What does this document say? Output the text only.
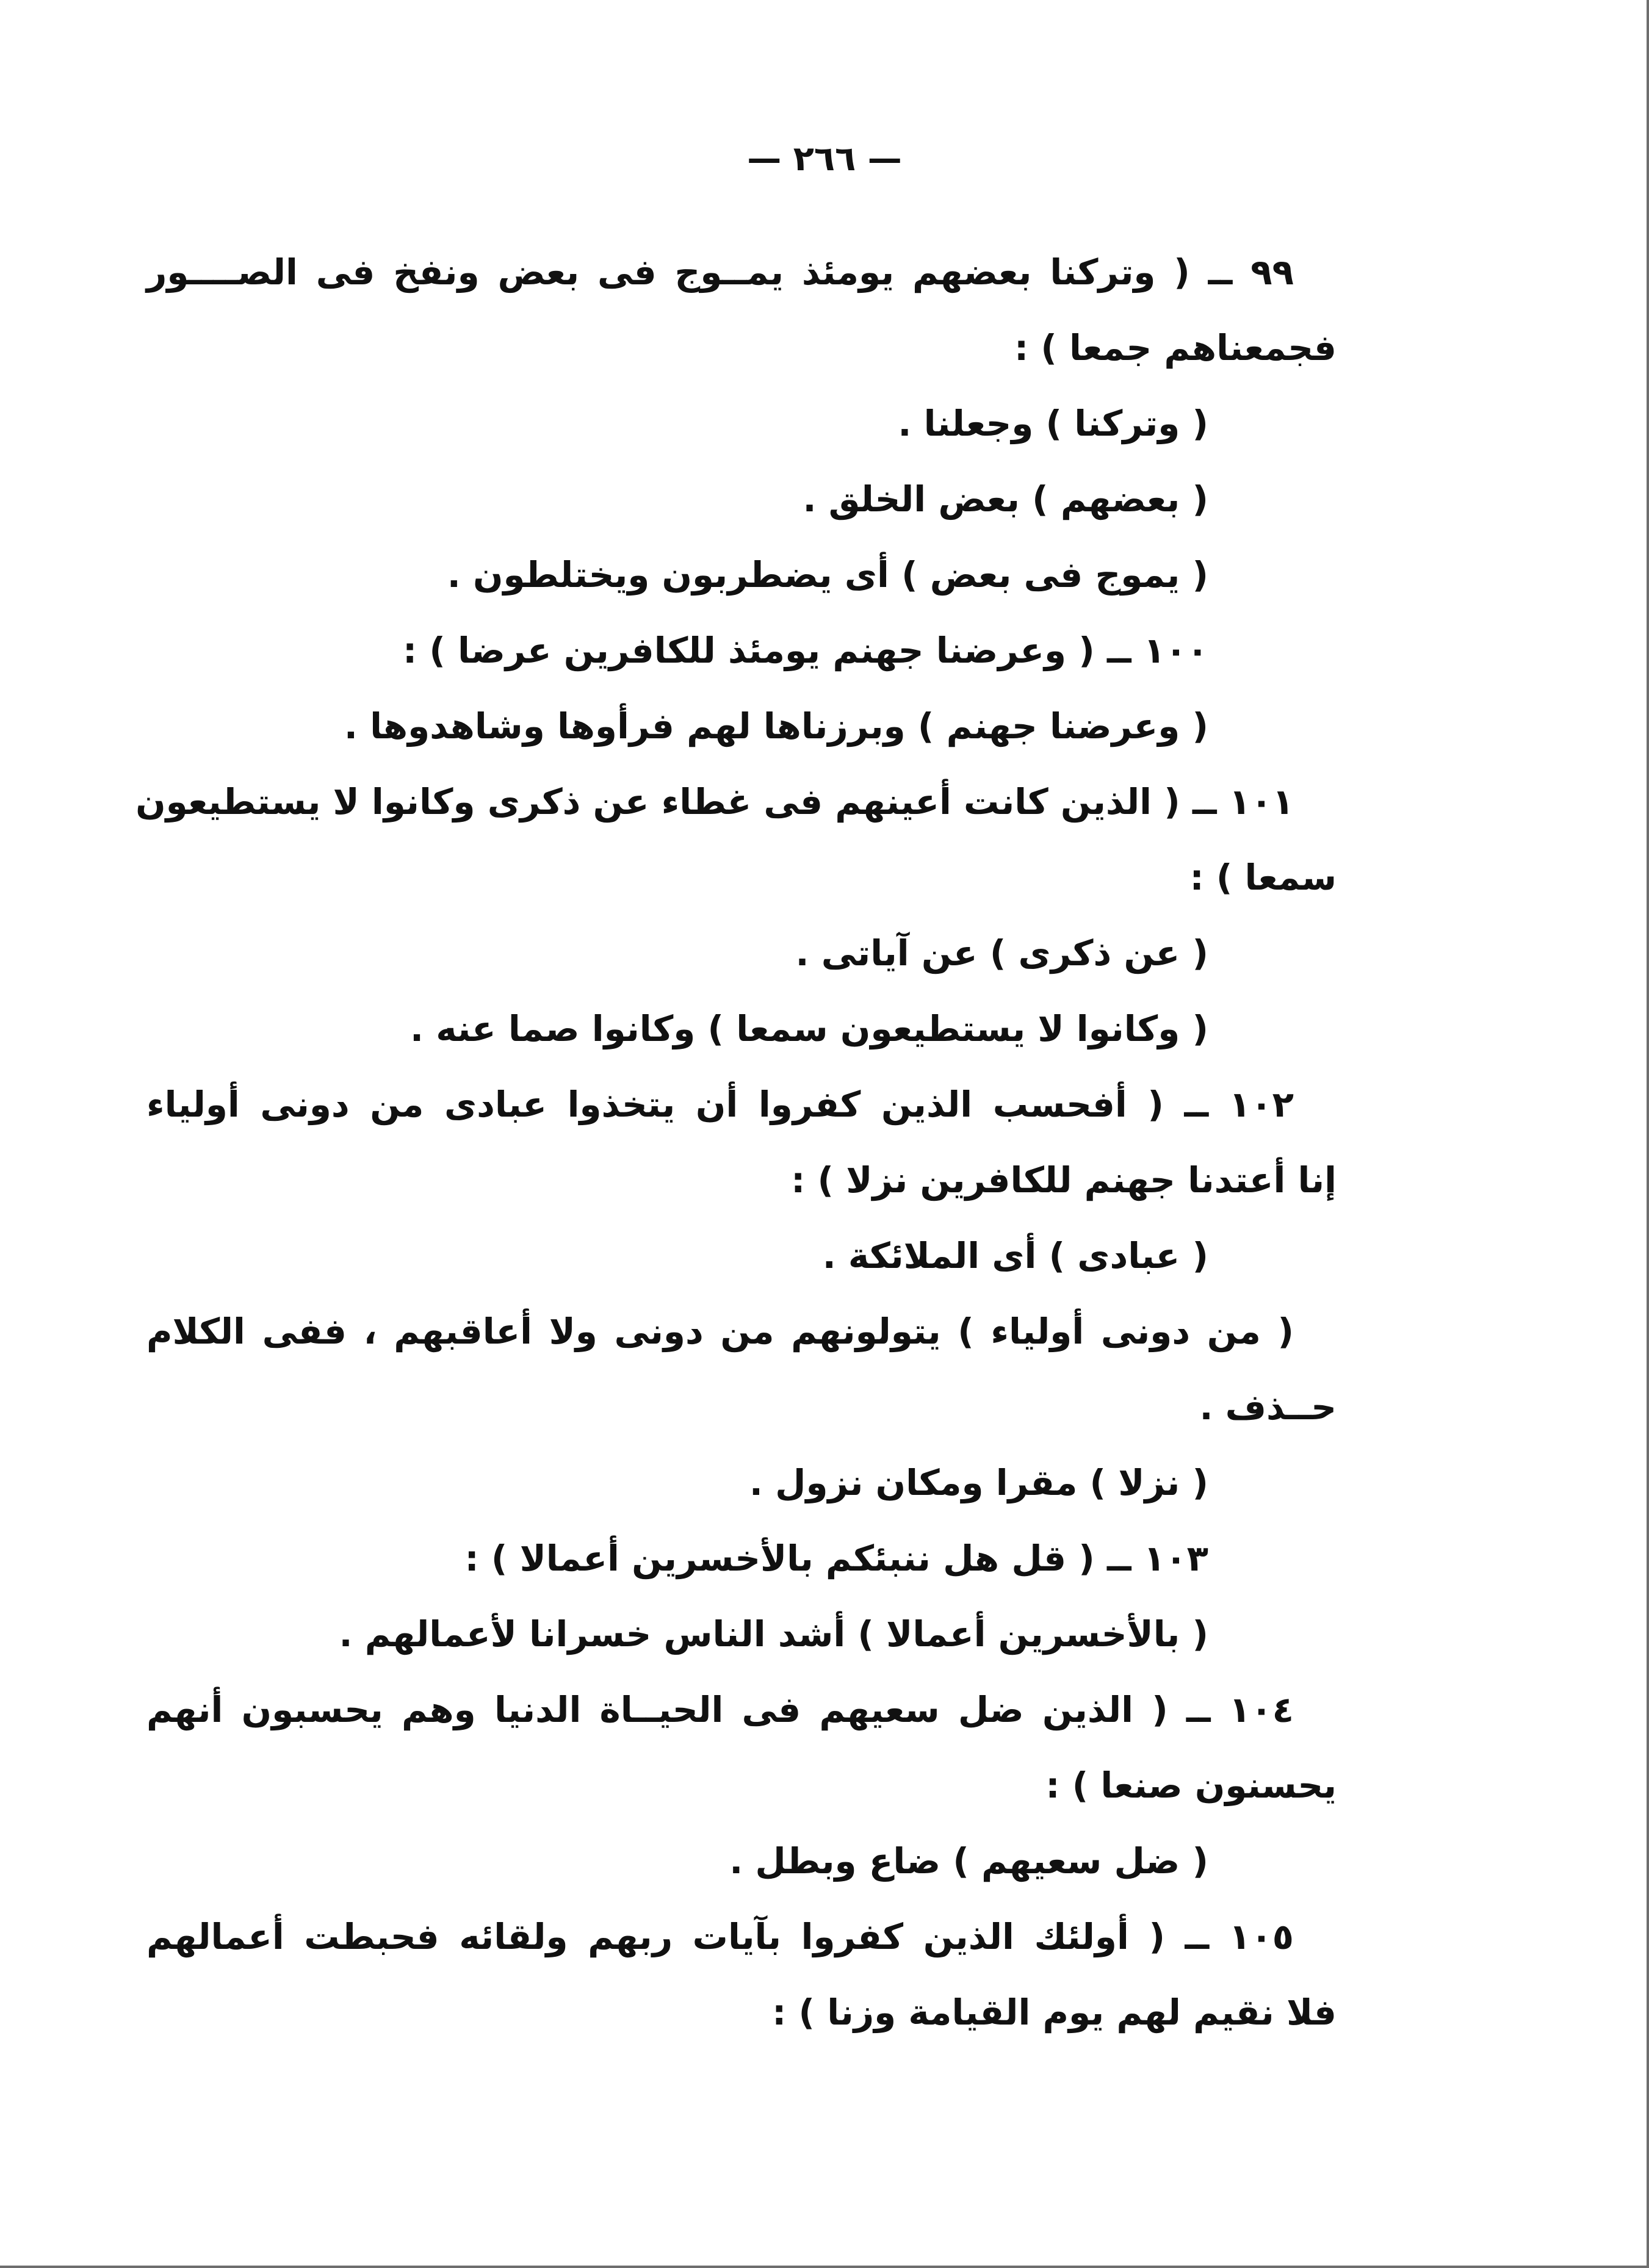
— ٢٦٦ —

٩٩ ــ ( وتركنا بعضهم يومئذ يمــوج فى بعض ونفخ فى الصــــور

فجمعناهم جمعا ) :

( وتركنا ) وجعلنا .

( بعضهم ) بعض الخلق .

( يموج فى بعض ) أى يضطربون ويختلطون .

١٠٠ ــ ( وعرضنا جهنم يومئذ للكافرين عرضا ) :

( وعرضنا جهنم ) وبرزناها لهم فرأوها وشاهدوها .

١٠١ ــ ( الذين كانت أعينهم فى غطاء عن ذكرى وكانوا لا يستطيعون

سمعا ) :

( عن ذكرى ) عن آياتى .

( وكانوا لا يستطيعون سمعا ) وكانوا صما عنه .

١٠٢ ــ ( أفحسب الذين كفروا أن يتخذوا عبادى من دونى أولياء

إنا أعتدنا جهنم للكافرين نزلا ) :

( عبادى ) أى الملائكة .

( من دونى أولياء ) يتولونهم من دونى ولا أعاقبهم ، ففى الكلام

حــذف .

( نزلا ) مقرا ومكان نزول .

١٠٣ ــ ( قل هل ننبئكم بالأخسرين أعمالا ) :

( بالأخسرين أعمالا ) أشد الناس خسرانا لأعمالهم .

١٠٤ ــ ( الذين ضل سعيهم فى الحيــاة الدنيا وهم يحسبون أنهم

يحسنون صنعا ) :

( ضل سعيهم ) ضاع وبطل .

١٠٥ ــ ( أولئك الذين كفروا بآيات ربهم ولقائه فحبطت أعمالهم

فلا نقيم لهم يوم القيامة وزنا ) :
